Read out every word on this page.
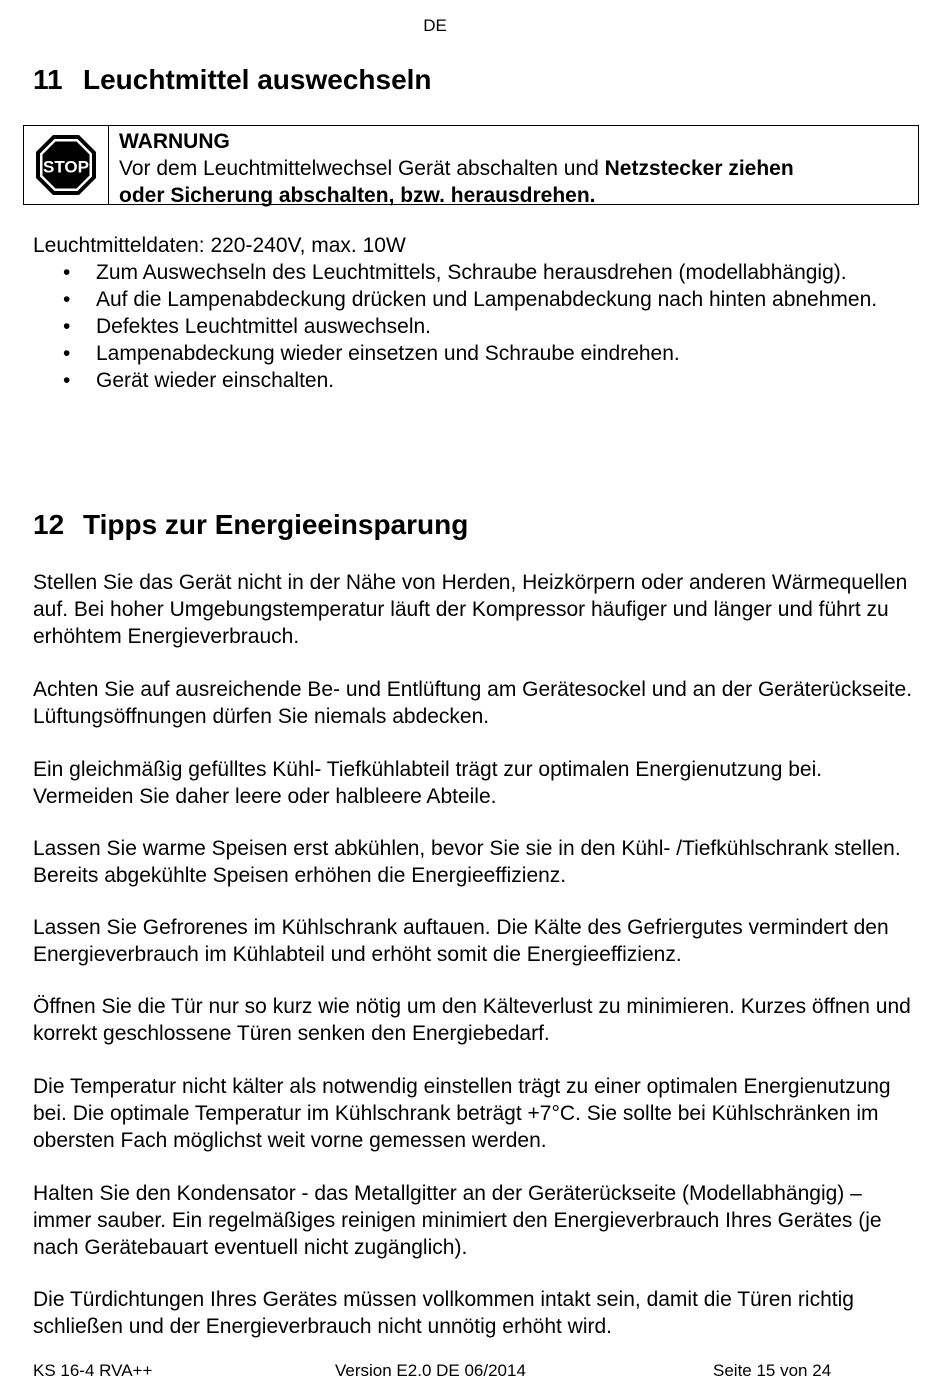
DE
11 Leuchtmittel auswechseln
STOP
WARNUNG
Vor dem Leuchtmittelwechsel Gerät abschalten und Netzstecker ziehen
oder Sicherung abschalten, bzw. herausdrehen.
Leuchtmitteldaten: 220-240V, max. 10W
• Zum Auswechseln des Leuchtmittels, Schraube herausdrehen (modellabhängig).
• Auf die Lampenabdeckung drücken und Lampenabdeckung nach hinten abnehmen.
• Defektes Leuchtmittel auswechseln.
• Lampenabdeckung wieder einsetzen und Schraube eindrehen.
• Gerät wieder einschalten.
12 Tipps zur Energieeinsparung

Stellen Sie das Gerät nicht in der Nähe von Herden, Heizkörpern oder anderen Wärmequellen auf. Bei hoher Umgebungstemperatur läuft der Kompressor häufiger und länger und führt zu erhöhtem Energieverbrauch.

Achten Sie auf ausreichende Be- und Entlüftung am Gerätesockel und an der Geräterückseite. Lüftungsöffnungen dürfen Sie niemals abdecken.

Ein gleichmäßig gefülltes Kühl- Tiefkühlabteil trägt zur optimalen Energienutzung bei. Vermeiden Sie daher leere oder halbleere Abteile.

Lassen Sie warme Speisen erst abkühlen, bevor Sie sie in den Kühl- /Tiefkühlschrank stellen. Bereits abgekühlte Speisen erhöhen die Energieeffizienz.

Lassen Sie Gefrorenes im Kühlschrank auftauen. Die Kälte des Gefriergutes vermindert den Energieverbrauch im Kühlabteil und erhöht somit die Energieeffizienz.

Öffnen Sie die Tür nur so kurz wie nötig um den Kälteverlust zu minimieren. Kurzes öffnen und korrekt geschlossene Türen senken den Energiebedarf.

Die Temperatur nicht kälter als notwendig einstellen trägt zu einer optimalen Energienutzung bei. Die optimale Temperatur im Kühlschrank beträgt +7°C. Sie sollte bei Kühlschränken im obersten Fach möglichst weit vorne gemessen werden.

Halten Sie den Kondensator - das Metallgitter an der Geräterückseite (Modellabhängig) – immer sauber. Ein regelmäßiges reinigen minimiert den Energieverbrauch Ihres Gerätes (je nach Gerätebauart eventuell nicht zugänglich).

Die Türdichtungen Ihres Gerätes müssen vollkommen intakt sein, damit die Türen richtig schließen und der Energieverbrauch nicht unnötig erhöht wird.

KS 16-4 RVA++	Version E2.0 DE 06/2014	Seite 15 von 24
